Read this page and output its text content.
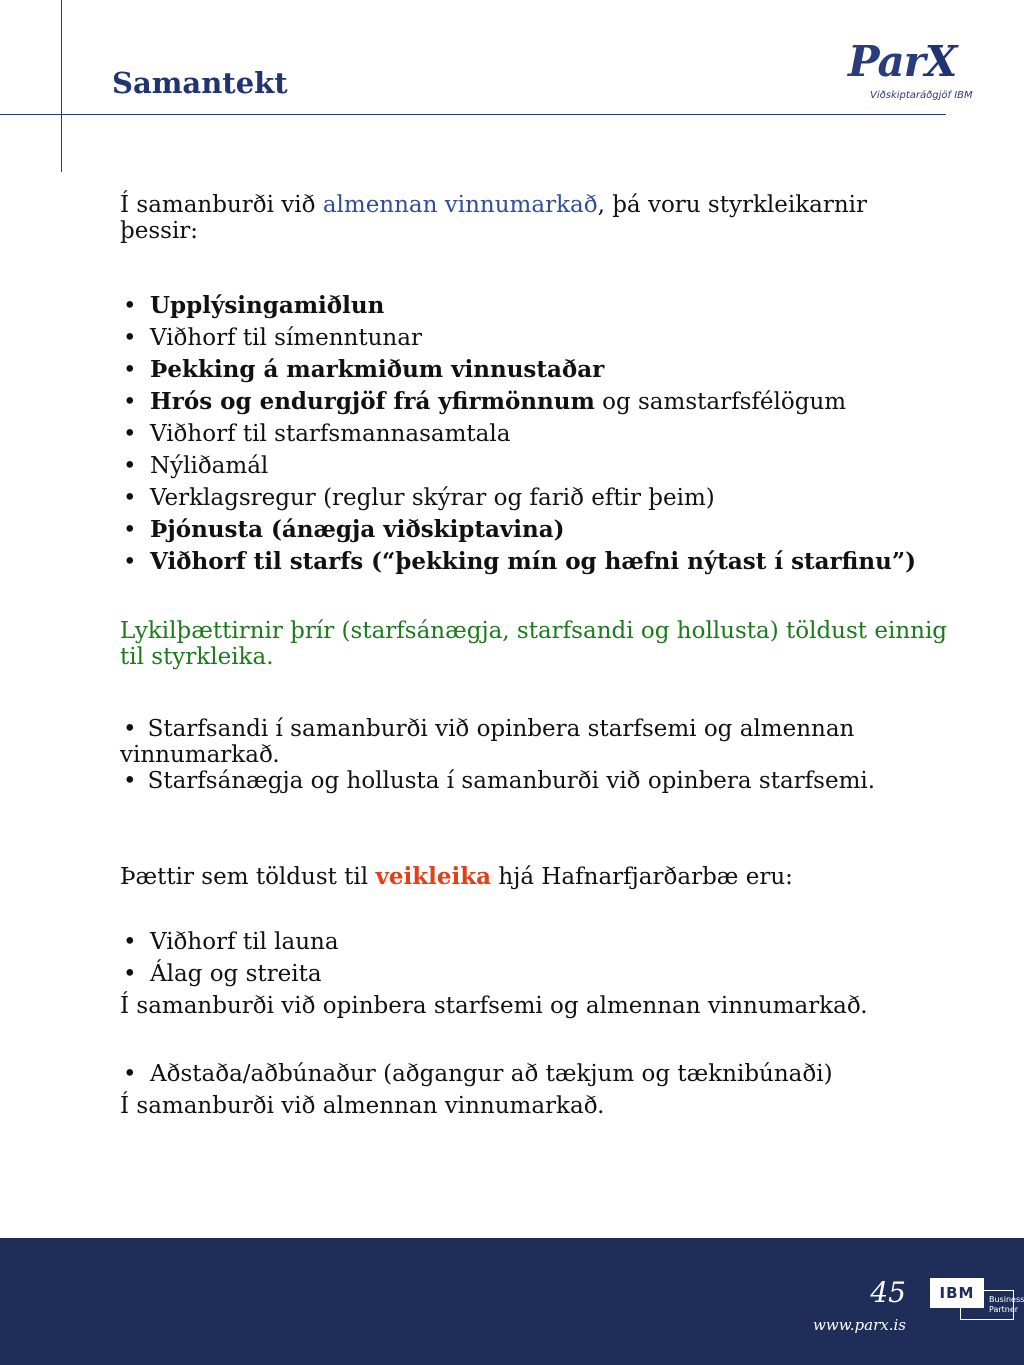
Samantekt	ParX
Viðskiptaráðgjöf IBM

Í samanburði við almennan vinnumarkað, þá voru styrkleikarnir þessir:

• Upplýsingamiðlun
• Viðhorf til símenntunar
• Þekking á markmiðum vinnustaðar
• Hrós og endurgjöf frá yfirmönnum og samstarfsfélögum
• Viðhorf til starfsmannasamtala
• Nýliðamál
• Verklagsregur (reglur skýrar og farið eftir þeim)
• Þjónusta (ánægja viðskiptavina)
• Viðhorf til starfs (“þekking mín og hæfni nýtast í starfinu”)

Lykilþættirnir þrír (starfsánægja, starfsandi og hollusta) töldust einnig til styrkleika.

• Starfsandi í samanburði við opinbera starfsemi og almennan vinnumarkað.
• Starfsánægja og hollusta í samanburði við opinbera starfsemi.

Þættir sem töldust til veikleika hjá Hafnarfjarðarbæ eru:

• Viðhorf til launa
• Álag og streita

Í samanburði við opinbera starfsemi og almennan vinnumarkað.

• Aðstaða/aðbúnaður (aðgangur að tækjum og tæknibúnaði)

Í samanburði við almennan vinnumarkað.

45
www.parx.is
Business
Partner
IBM
